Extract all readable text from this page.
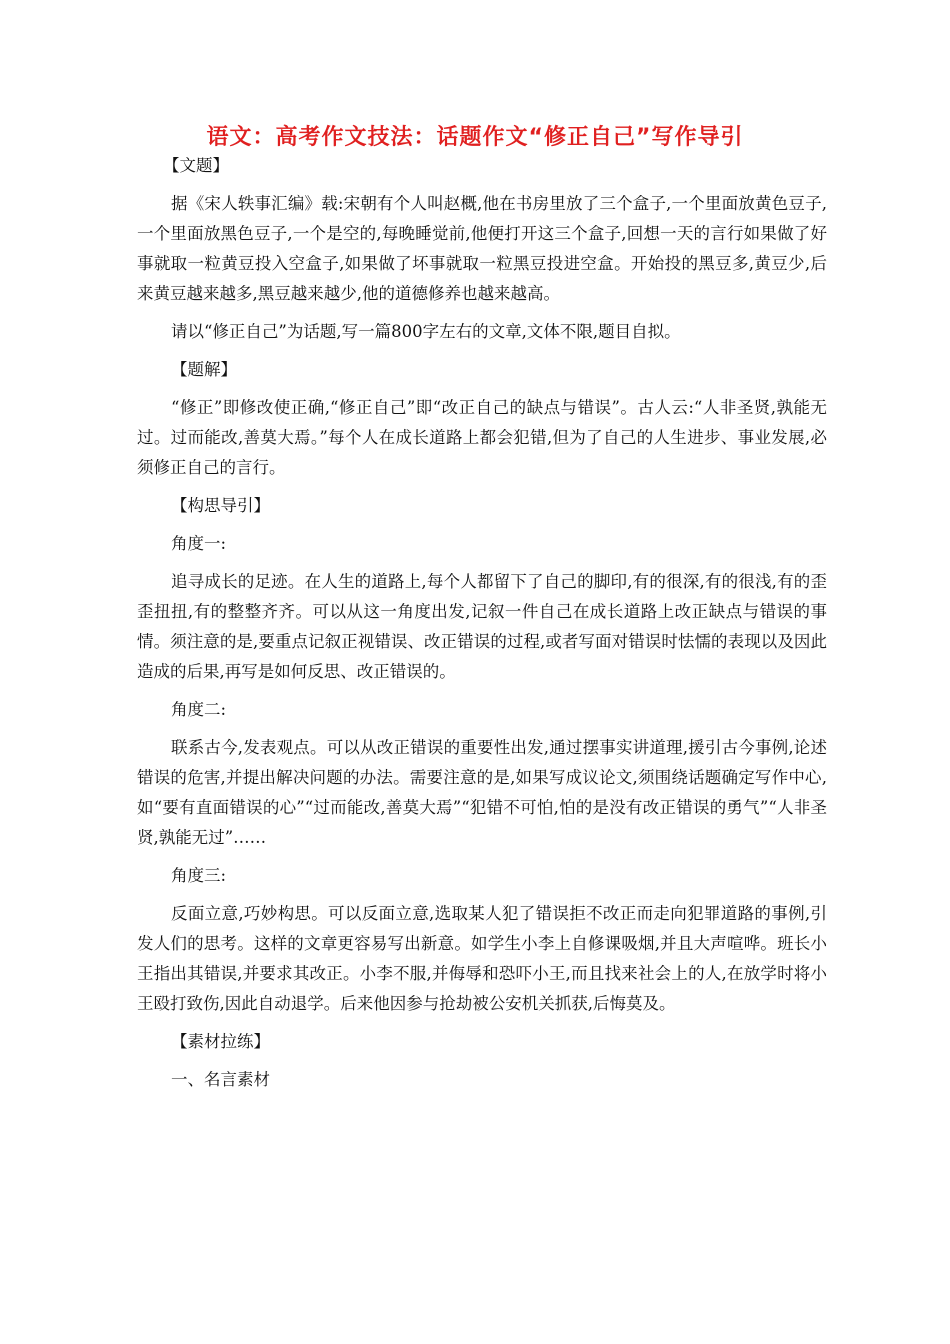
语文：高考作文技法：话题作文“修正自己”写作导引
【文题】

据《宋人轶事汇编》载:宋朝有个人叫赵概,他在书房里放了三个盒子,一个里面放黄色豆子,一个里面放黑色豆子,一个是空的,每晚睡觉前,他便打开这三个盒子,回想一天的言行如果做了好事就取一粒黄豆投入空盒子,如果做了坏事就取一粒黑豆投进空盒。开始投的黑豆多,黄豆少,后来黄豆越来越多,黑豆越来越少,他的道德修养也越来越高。

请以“修正自己”为话题,写一篇800字左右的文章,文体不限,题目自拟。

【题解】

“修正”即修改使正确,“修正自己”即“改正自己的缺点与错误”。古人云:“人非圣贤,孰能无过。过而能改,善莫大焉。”每个人在成长道路上都会犯错,但为了自己的人生进步、事业发展,必须修正自己的言行。

【构思导引】
角度一:

追寻成长的足迹。在人生的道路上,每个人都留下了自己的脚印,有的很深,有的很浅,有的歪歪扭扭,有的整整齐齐。可以从这一角度出发,记叙一件自己在成长道路上改正缺点与错误的事情。须注意的是,要重点记叙正视错误、改正错误的过程,或者写面对错误时怯懦的表现以及因此造成的后果,再写是如何反思、改正错误的。

角度二:

联系古今,发表观点。可以从改正错误的重要性出发,通过摆事实讲道理,援引古今事例,论述错误的危害,并提出解决问题的办法。需要注意的是,如果写成议论文,须围绕话题确定写作中心,如“要有直面错误的心”“过而能改,善莫大焉”“犯错不可怕,怕的是没有改正错误的勇气”“人非圣贤,孰能无过”……

角度三:

反面立意,巧妙构思。可以反面立意,选取某人犯了错误拒不改正而走向犯罪道路的事例,引发人们的思考。这样的文章更容易写出新意。如学生小李上自修课吸烟,并且大声喧哗。班长小王指出其错误,并要求其改正。小李不服,并侮辱和恐吓小王,而且找来社会上的人,在放学时将小王殴打致伤,因此自动退学。后来他因参与抢劫被公安机关抓获,后悔莫及。

【素材拉练】
一、名言素材
